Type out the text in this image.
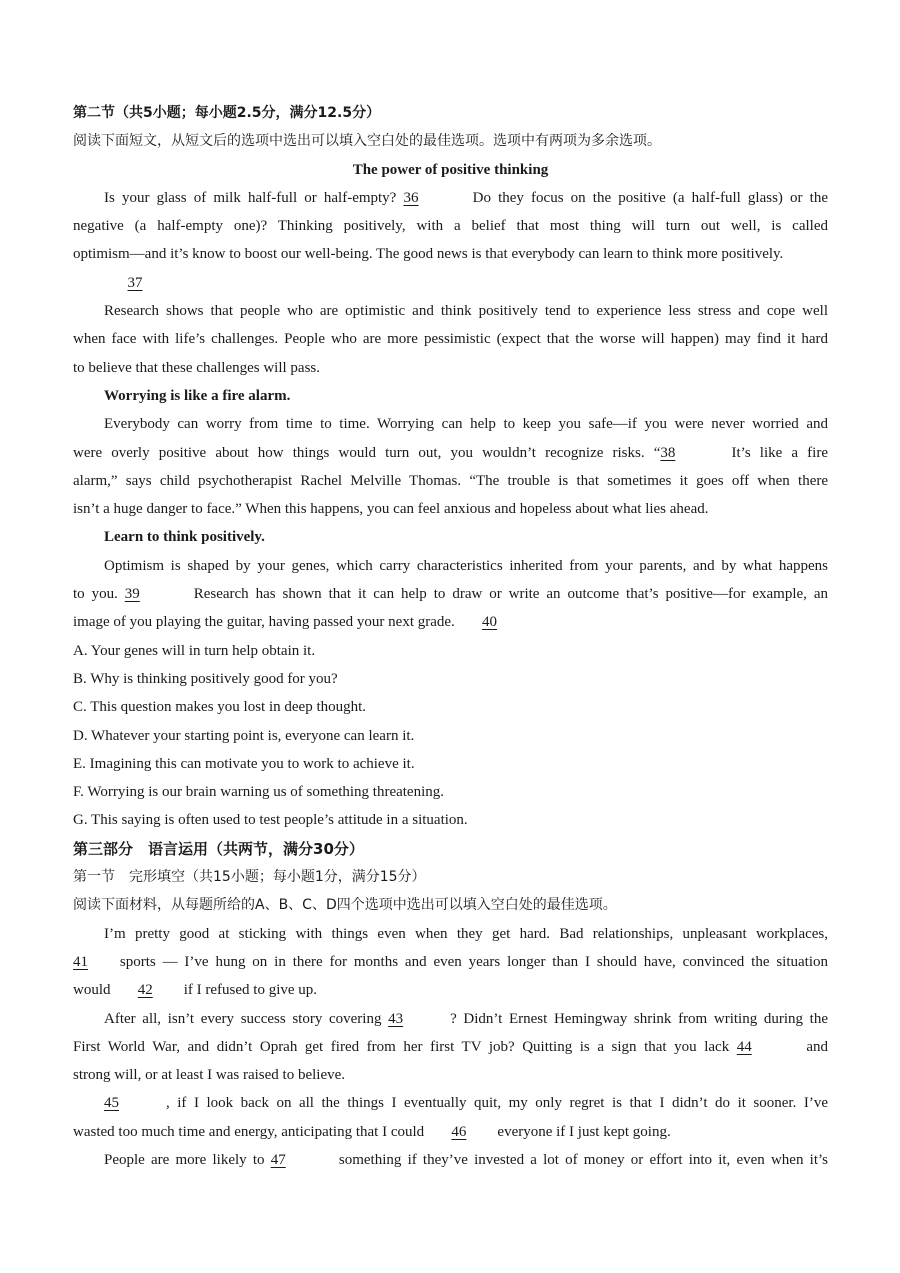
第二节（共5小题；每小题2.5分，满分12.5分）
阅读下面短文，从短文后的选项中选出可以填入空白处的最佳选项。选项中有两项为多余选项。
The power of positive thinking
Is your glass of milk half-full or half-empty? 36	Do they focus on the positive (a half-full glass) or the
negative (a half-empty one)? Thinking positively, with a belief that most thing will turn out well, is called
optimism—and it’s know to boost our well-being. The good news is that everybody can learn to think more positively.
37
Research shows that people who are optimistic and think positively tend to experience less stress and cope well
when face with life’s challenges. People who are more pessimistic (expect that the worse will happen) may find it hard
to believe that these challenges will pass.
Worrying is like a fire alarm.
Everybody can worry from time to time. Worrying can help to keep you safe—if you were never worried and
were overly positive about how things would turn out, you wouldn’t recognize risks. “38	It’s like a fire
alarm,” says child psychotherapist Rachel Melville Thomas. “The trouble is that sometimes it goes off when there
isn’t a huge danger to face.” When this happens, you can feel anxious and hopeless about what lies ahead.
Learn to think positively.
Optimism is shaped by your genes, which carry characteristics inherited from your parents, and by what happens
to you. 39	Research has shown that it can help to draw or write an outcome that’s positive—for example, an
image of you playing the guitar, having passed your next grade. 40
A. Your genes will in turn help obtain it.
B. Why is thinking positively good for you?
C. This question makes you lost in deep thought.
D. Whatever your starting point is, everyone can learn it.
E. Imagining this can motivate you to work to achieve it.
F. Worrying is our brain warning us of something threatening.
G. This saying is often used to test people’s attitude in a situation.
第三部分　语言运用（共两节，满分30分）
第一节　完形填空（共15小题；每小题1分，满分15分）
阅读下面材料，从每题所给的A、B、C、D四个选项中选出可以填入空白处的最佳选项。
I’m pretty good at sticking with things even when they get hard. Bad relationships, unpleasant workplaces,
41 sports — I’ve hung on in there for months and even years longer than I should have, convinced the situation
would 42 if I refused to give up.
After all, isn’t every success story covering 43	? Didn’t Ernest Hemingway shrink from writing during the
First World War, and didn’t Oprah get fired from her first TV job? Quitting is a sign that you lack 44	and
strong will, or at least I was raised to believe.
45	, if I look back on all the things I eventually quit, my only regret is that I didn’t do it sooner. I’ve
wasted too much time and energy, anticipating that I could 46 everyone if I just kept going.
People are more likely to 47	something if they’ve invested a lot of money or effort into it, even when it’s
